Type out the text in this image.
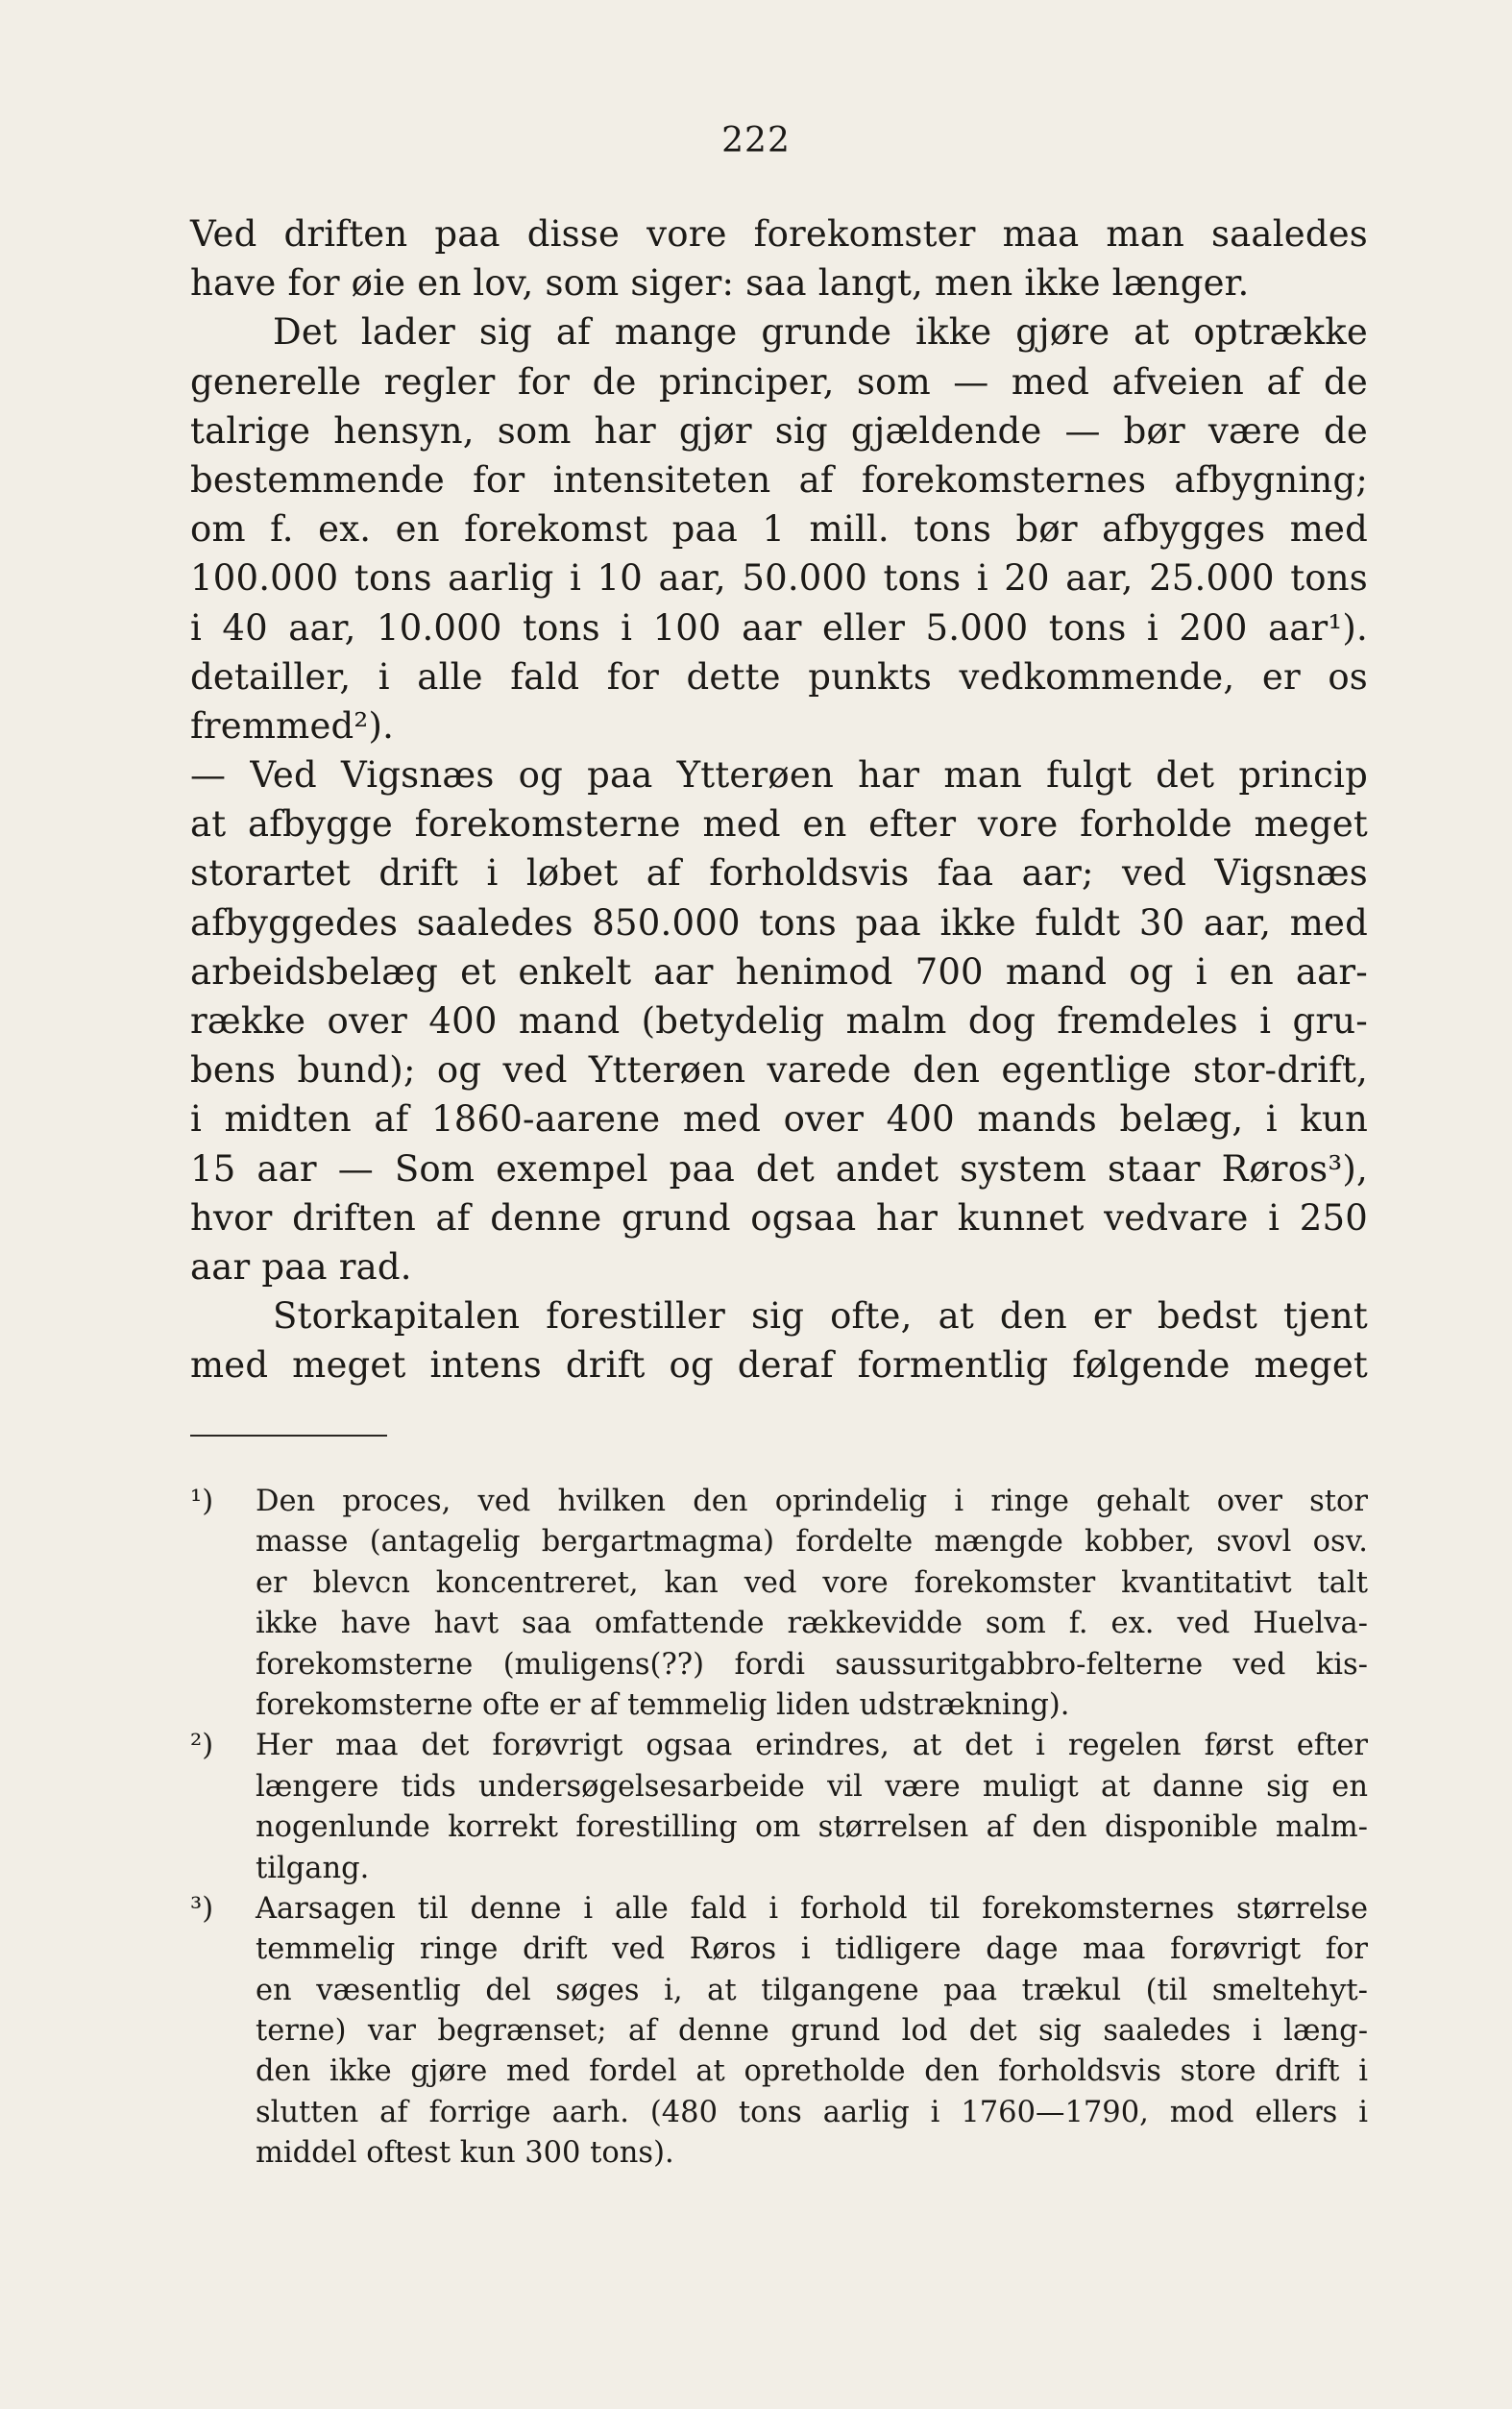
222
Ved driften paa disse vore forekomster maa man saaledes
have for øie en lov, som siger: saa langt, men ikke længer.
Det lader sig af mange grunde ikke gjøre at optrække
generelle regler for de principer, som — med afveien af de
talrige hensyn, som har gjør sig gjældende — bør være de
bestemmende for intensiteten af forekomsternes afbygning;
om f. ex. en forekomst paa 1 mill. tons bør afbygges med
100.000 tons aarlig i 10 aar, 50.000 tons i 20 aar, 25.000 tons
i 40 aar, 10.000 tons i 100 aar eller 5.000 tons i 200 aar¹).
detailler, i alle fald for dette punkts vedkommende, er os
fremmed²).
— Ved Vigsnæs og paa Ytterøen har man fulgt det princip
at afbygge forekomsterne med en efter vore forholde meget
storartet drift i løbet af forholdsvis faa aar; ved Vigsnæs
afbyggedes saaledes 850.000 tons paa ikke fuldt 30 aar, med
arbeidsbelæg et enkelt aar henimod 700 mand og i en aar-
række over 400 mand (betydelig malm dog fremdeles i gru-
bens bund); og ved Ytterøen varede den egentlige stor-drift,
i midten af 1860-aarene med over 400 mands belæg, i kun
15 aar — Som exempel paa det andet system staar Røros³),
hvor driften af denne grund ogsaa har kunnet vedvare i 250
aar paa rad.
Storkapitalen forestiller sig ofte, at den er bedst tjent
med meget intens drift og deraf formentlig følgende meget
¹)	Den proces, ved hvilken den oprindelig i ringe gehalt over stor
masse (antagelig bergartmagma) fordelte mængde kobber, svovl osv.
er blevcn koncentreret, kan ved vore forekomster kvantitativt talt
ikke have havt saa omfattende rækkevidde som f. ex. ved Huelva-
forekomsterne (muligens(??) fordi saussuritgabbro-felterne ved kis-
forekomsterne ofte er af temmelig liden udstrækning).
²)	Her maa det forøvrigt ogsaa erindres, at det i regelen først efter
længere tids undersøgelsesarbeide vil være muligt at danne sig en
nogenlunde korrekt forestilling om størrelsen af den disponible malm-
tilgang.
³)	Aarsagen til denne i alle fald i forhold til forekomsternes størrelse
temmelig ringe drift ved Røros i tidligere dage maa forøvrigt for
en væsentlig del søges i, at tilgangene paa trækul (til smeltehyt-
terne) var begrænset; af denne grund lod det sig saaledes i læng-
den ikke gjøre med fordel at opretholde den forholdsvis store drift i
slutten af forrige aarh. (480 tons aarlig i 1760—1790, mod ellers i
middel oftest kun 300 tons).
